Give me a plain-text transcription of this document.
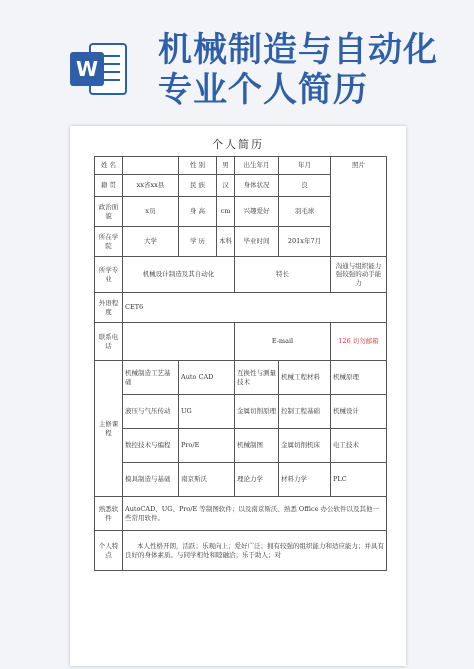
W 机械制造与自动化
专业个人简历
个人简历
姓 名		性 别	男	出生年月	年月	照片
籍 贯	xx省xx县	民 族	汉	身体状况	良	
政治面貌	x员	身 高	cm	兴趣爱好	羽毛球	
所在学院	大学	学 历	本科	毕业时间	201x年7月	
所学专业	机械设计制造及其自动化			特长		沟通与组织能力强较强的动手能力
外语程度	CET6					
联系电话				E-mail		126 切勿邮箱
主修课程	机械制造工艺基础	Auto CAD		互换性与测量技术	机械工程材料	机械原理
	液压与气压传动	UG		金属切削原理	控制工程基础	机械设计
	数控技术与编程	Pro/E		机械制图	金属切削机床	电工技术
	模具制造与基础	南京斯沃		理论力学	材料力学	PLC
熟悉软件	AutoCAD、UG、Pro/E 等制图软件；以及南京斯沃、熟悉 Office 办公软件以及其他一些常用软件。					
个人特点	本人性格开朗，活跃；乐观向上；爱好广泛；拥有较强的组织能力和适应能力；并具有良好的身体素质。与同学相处和睦融洽；乐于助人；对					
